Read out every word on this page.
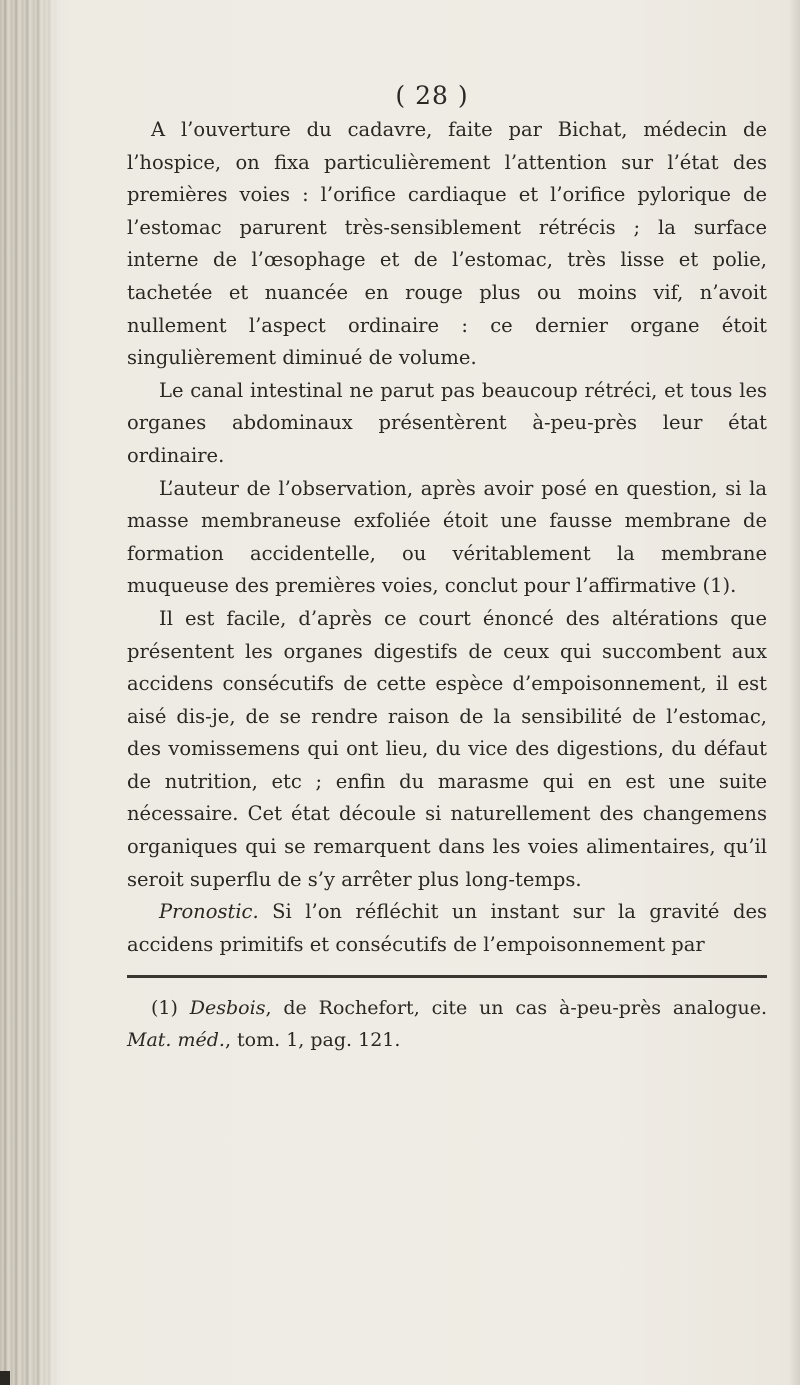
( 28 )

A l’ouverture du cadavre, faite par Bichat, médecin de l’hospice, on fixa particulièrement l’attention sur l’état des premières voies : l’orifice cardiaque et l’orifice pylorique de l’estomac parurent très-sensiblement rétrécis ; la surface interne de l’œsophage et de l’estomac, très lisse et polie, tachetée et nuancée en rouge plus ou moins vif, n’avoit nullement l’aspect ordinaire : ce dernier organe étoit singulièrement diminué de volume.

Le canal intestinal ne parut pas beaucoup rétréci, et tous les organes abdominaux présentèrent à-peu-près leur état ordinaire.

L’auteur de l’observation, après avoir posé en question, si la masse membraneuse exfoliée étoit une fausse membrane de formation accidentelle, ou véritablement la membrane muqueuse des premières voies, conclut pour l’affirmative (1).

Il est facile, d’après ce court énoncé des altérations que présentent les organes digestifs de ceux qui succombent aux accidens consécutifs de cette espèce d’empoisonnement, il est aisé dis-je, de se rendre raison de la sensibilité de l’estomac, des vomissemens qui ont lieu, du vice des digestions, du défaut de nutrition, etc ; enfin du marasme qui en est une suite nécessaire. Cet état découle si naturellement des changemens organiques qui se remarquent dans les voies alimentaires, qu’il seroit superflu de s’y arrêter plus long-temps.

Pronostic. Si l’on réfléchit un instant sur la gravité des accidens primitifs et consécutifs de l’empoisonnement par

(1) Desbois, de Rochefort, cite un cas à-peu-près analogue. Mat. méd., tom. 1, pag. 121.
